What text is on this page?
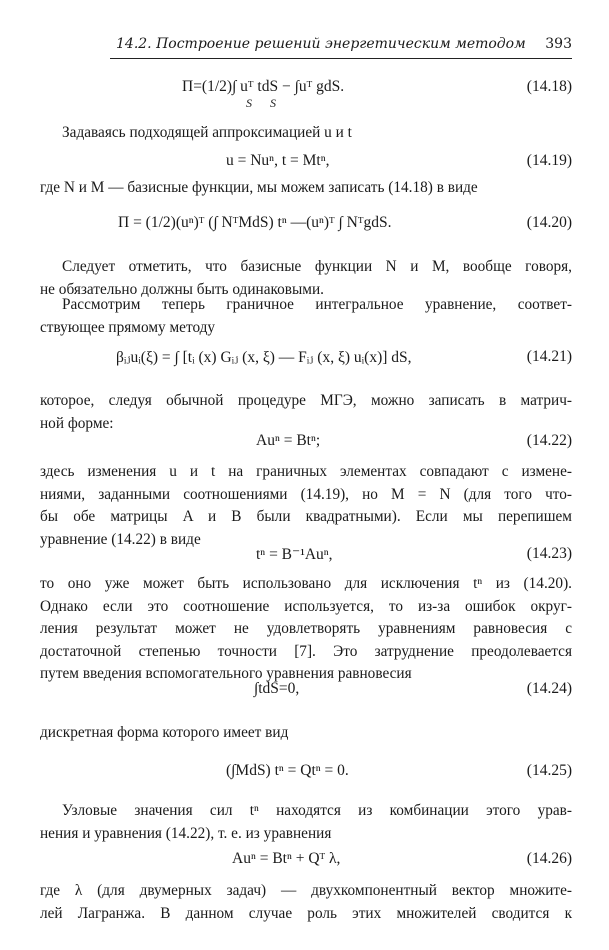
14.2. Построение решений энергетическим методом 393
Π=(1/2)∫ uᵀ tdS − ∫uᵀ gdS.
S      S
(14.18)
Задаваясь подходящей аппроксимацией u и t
u = Nuⁿ, t = Mtⁿ,	(14.19)
где N и M — базисные функции, мы можем записать (14.18) в виде
Π = (1/2)(uⁿ)ᵀ (∫ NᵀMdS) tⁿ —(uⁿ)ᵀ ∫ NᵀgdS.	(14.20)
Следует отметить, что базисные функции N и M, вообще говоря,
не обязательно должны быть одинаковыми.
Рассмотрим теперь граничное интегральное уравнение, соответ-
ствующее прямому методу
βᵢⱼuᵢ(ξ) = ∫ [tᵢ (x) Gᵢⱼ (x, ξ) — Fᵢⱼ (x, ξ) uᵢ(x)] dS,	(14.21)
которое, следуя обычной процедуре МГЭ, можно записать в матрич-
ной форме:
Auⁿ = Btⁿ;	(14.22)
здесь изменения u и t на граничных элементах совпадают с измене-
ниями, заданными соотношениями (14.19), но M = N (для того что-
бы обе матрицы A и B были квадратными). Если мы перепишем
уравнение (14.22) в виде
tⁿ = B⁻¹Auⁿ,	(14.23)
то оно уже может быть использовано для исключения tⁿ из (14.20).
Однако если это соотношение используется, то из-за ошибок округ-
ления результат может не удовлетворять уравнениям равновесия с
достаточной степенью точности [7]. Это затруднение преодолевается
путем введения вспомогательного уравнения равновесия
∫tdS=0,	(14.24)
дискретная форма которого имеет вид
(∫MdS) tⁿ = Qtⁿ = 0.	(14.25)
Узловые значения сил tⁿ находятся из комбинации этого урав-
нения и уравнения (14.22), т. е. из уравнения
Auⁿ = Btⁿ + Qᵀ λ,	(14.26)
где λ (для двумерных задач) — двухкомпонентный вектор множите-
лей Лагранжа. В данном случае роль этих множителей сводится к
